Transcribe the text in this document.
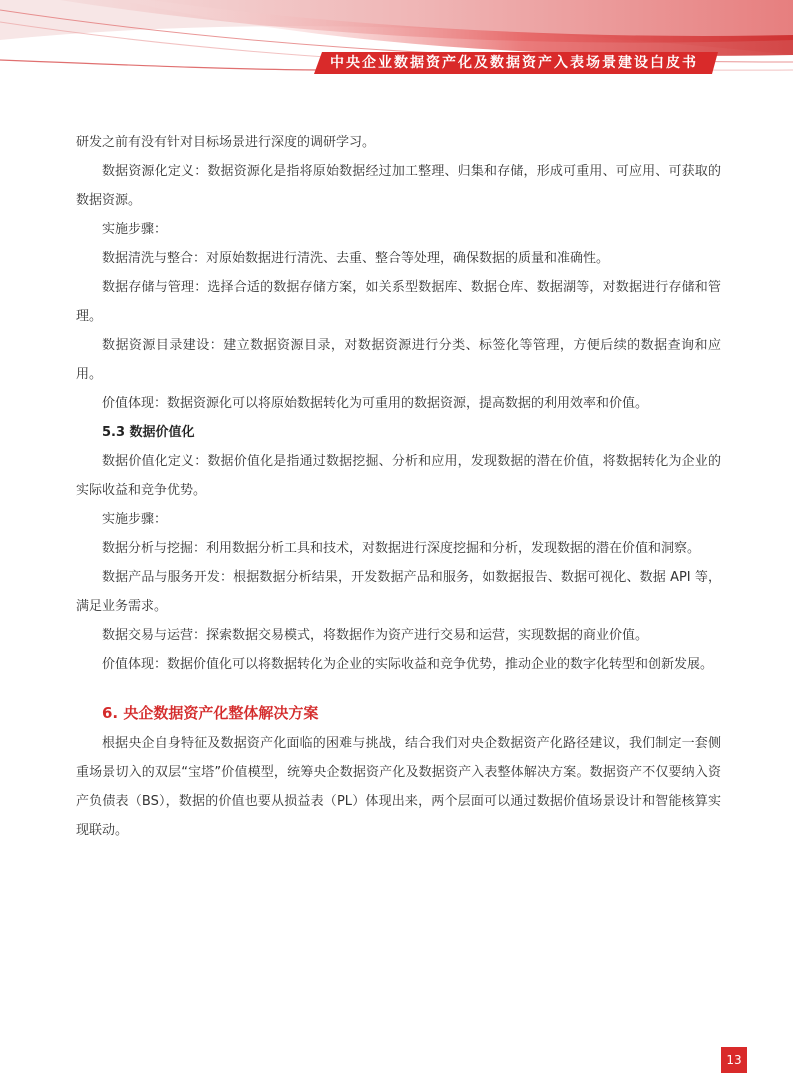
中央企业数据资产化及数据资产入表场景建设白皮书

研发之前有没有针对目标场景进行深度的调研学习。

数据资源化定义：数据资源化是指将原始数据经过加工整理、归集和存储，形成可重用、可应用、可获取的数据资源。

实施步骤：

数据清洗与整合：对原始数据进行清洗、去重、整合等处理，确保数据的质量和准确性。

数据存储与管理：选择合适的数据存储方案，如关系型数据库、数据仓库、数据湖等，对数据进行存储和管理。

数据资源目录建设：建立数据资源目录，对数据资源进行分类、标签化等管理，方便后续的数据查询和应用。

价值体现：数据资源化可以将原始数据转化为可重用的数据资源，提高数据的利用效率和价值。

5.3 数据价值化

数据价值化定义：数据价值化是指通过数据挖掘、分析和应用，发现数据的潜在价值，将数据转化为企业的实际收益和竞争优势。

实施步骤：

数据分析与挖掘：利用数据分析工具和技术，对数据进行深度挖掘和分析，发现数据的潜在价值和洞察。

数据产品与服务开发：根据数据分析结果，开发数据产品和服务，如数据报告、数据可视化、数据 API 等，满足业务需求。

数据交易与运营：探索数据交易模式，将数据作为资产进行交易和运营，实现数据的商业价值。

价值体现：数据价值化可以将数据转化为企业的实际收益和竞争优势，推动企业的数字化转型和创新发展。

6. 央企数据资产化整体解决方案

根据央企自身特征及数据资产化面临的困难与挑战，结合我们对央企数据资产化路径建议，我们制定一套侧重场景切入的双层“宝塔”价值模型，统筹央企数据资产化及数据资产入表整体解决方案。数据资产不仅要纳入资产负债表（BS），数据的价值也要从损益表（PL）体现出来，两个层面可以通过数据价值场景设计和智能核算实现联动。

13
